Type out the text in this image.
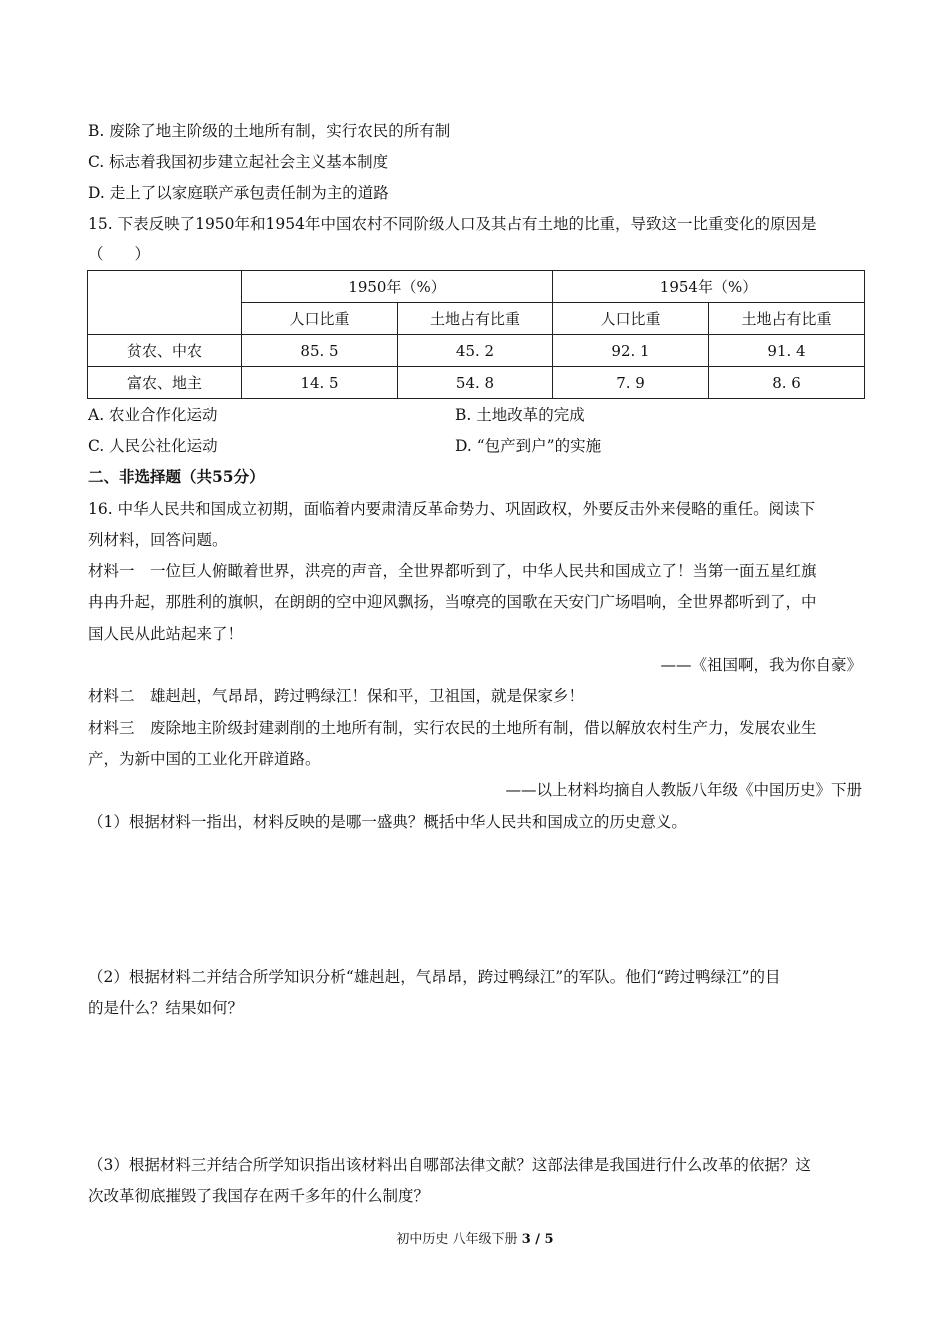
B. 废除了地主阶级的土地所有制，实行农民的所有制
C. 标志着我国初步建立起社会主义基本制度
D. 走上了以家庭联产承包责任制为主的道路
15. 下表反映了1950年和1954年中国农村不同阶级人口及其占有土地的比重，导致这一比重变化的原因是
（　　）
	1950年（%）		1954年（%）	
	人口比重	土地占有比重	人口比重	土地占有比重
贫农、中农	85. 5	45. 2	92. 1	91. 4
富农、地主	14. 5	54. 8	7. 9	8. 6
A. 农业合作化运动	B. 土地改革的完成
C. 人民公社化运动	D. “包产到户”的实施
二、非选择题（共55分）
16. 中华人民共和国成立初期，面临着内要肃清反革命势力、巩固政权，外要反击外来侵略的重任。阅读下
列材料，回答问题。
材料一　一位巨人俯瞰着世界，洪亮的声音，全世界都听到了，中华人民共和国成立了！当第一面五星红旗
冉冉升起，那胜利的旗帜，在朗朗的空中迎风飘扬，当嘹亮的国歌在天安门广场唱响，全世界都听到了，中
国人民从此站起来了！
——《祖国啊，我为你自豪》
材料二　雄赳赳，气昂昂，跨过鸭绿江！保和平，卫祖国，就是保家乡！
材料三　废除地主阶级封建剥削的土地所有制，实行农民的土地所有制，借以解放农村生产力，发展农业生
产，为新中国的工业化开辟道路。
——以上材料均摘自人教版八年级《中国历史》下册
（1）根据材料一指出，材料反映的是哪一盛典？概括中华人民共和国成立的历史意义。
（2）根据材料二并结合所学知识分析“雄赳赳，气昂昂，跨过鸭绿江”的军队。他们“跨过鸭绿江”的目
的是什么？结果如何？
（3）根据材料三并结合所学知识指出该材料出自哪部法律文献？这部法律是我国进行什么改革的依据？这
次改革彻底摧毁了我国存在两千多年的什么制度？
初中历史 八年级下册 3 / 5
